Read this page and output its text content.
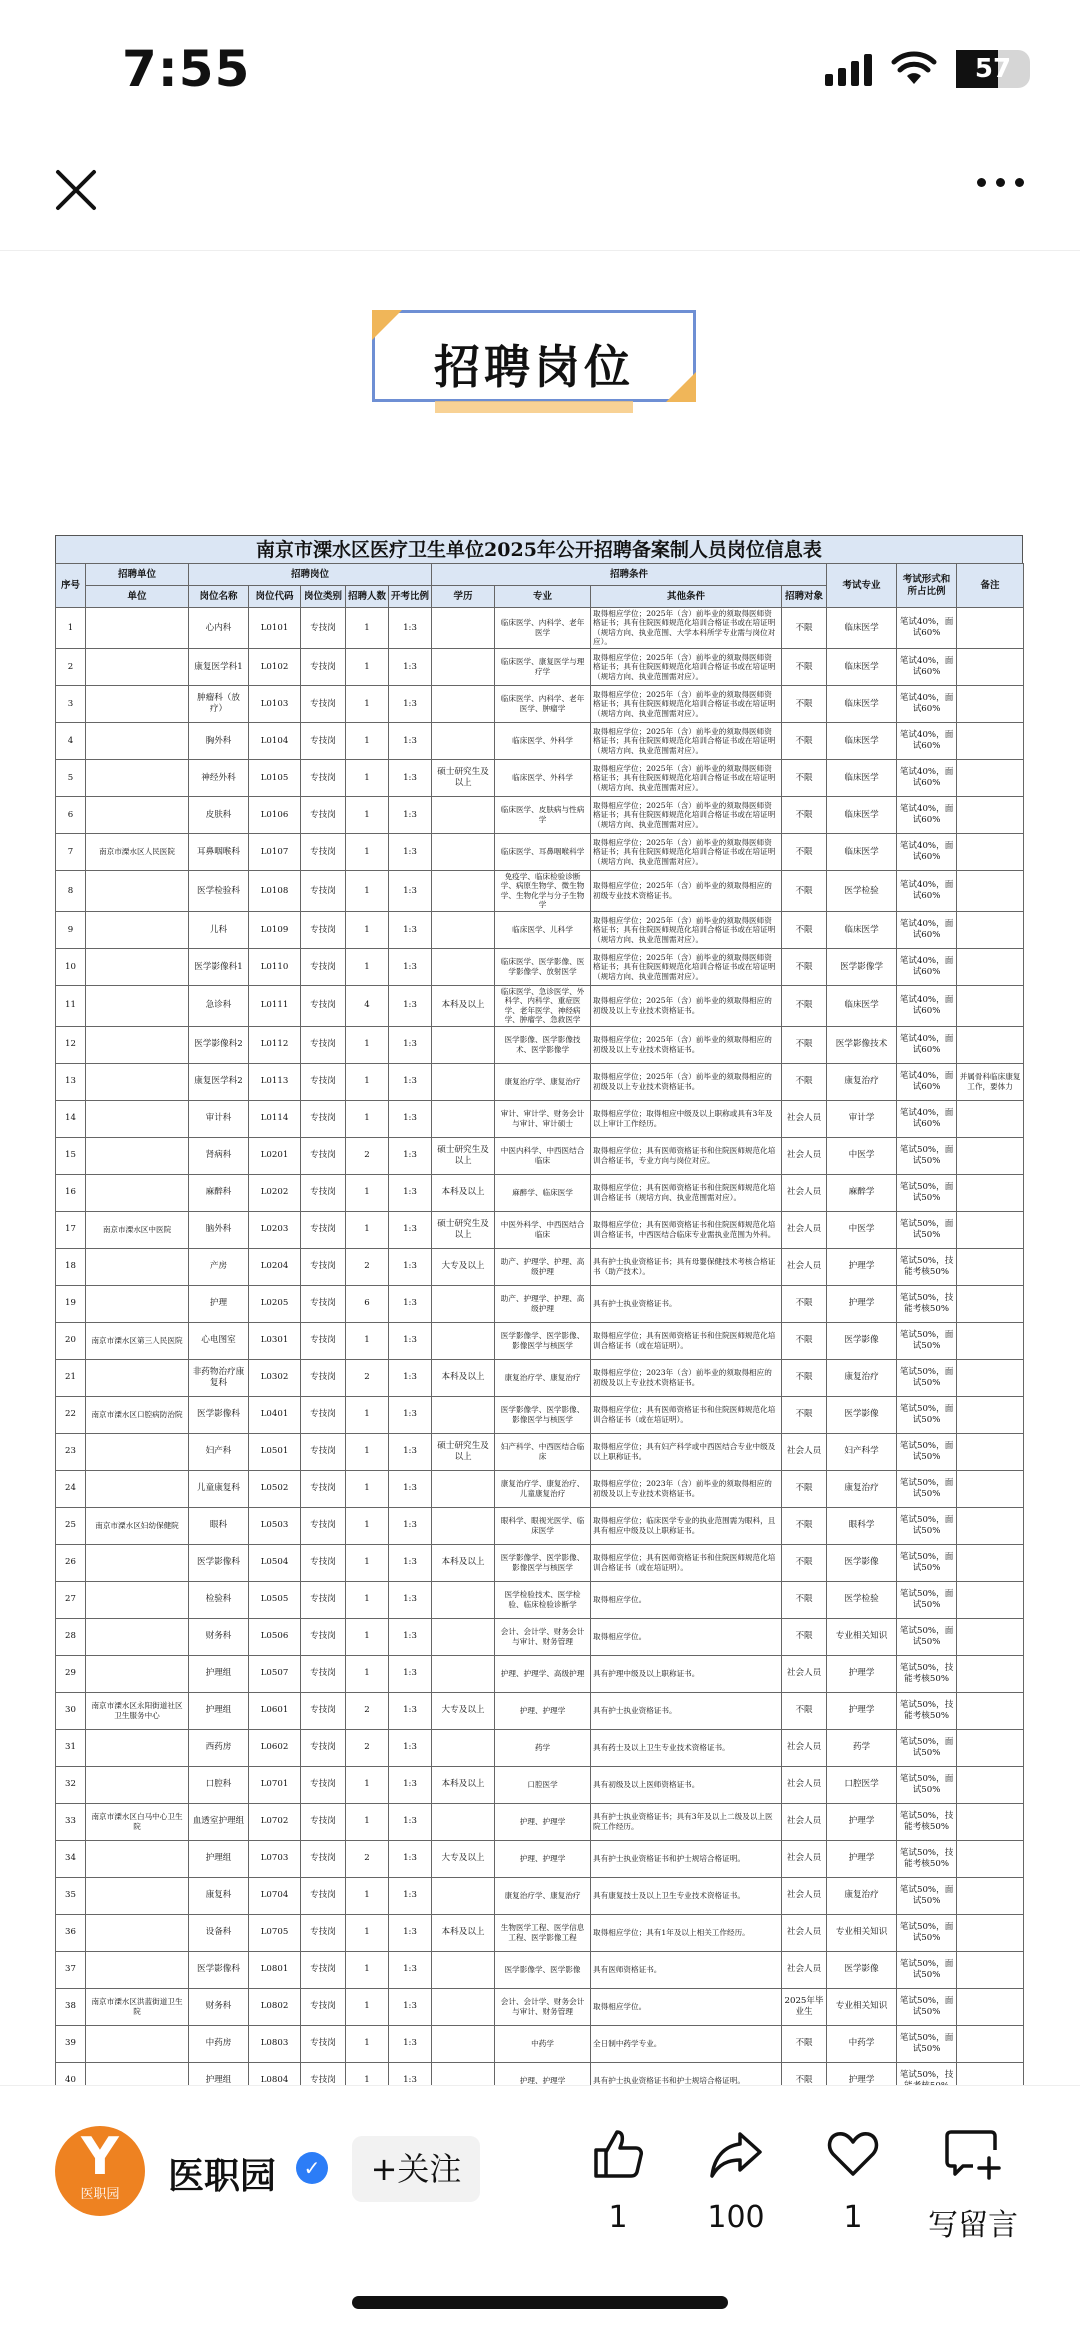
7:55	57
招聘岗位
南京市溧水区医疗卫生单位2025年公开招聘备案制人员岗位信息表
序号	招聘单位	招聘岗位					招聘条件				考试专业	考试形式和所占比例	备注
	单位	岗位名称	岗位代码	岗位类别	招聘人数	开考比例	学历	专业	其他条件	招聘对象			
1		心内科	L0101	专技岗	1	1:3		临床医学、内科学、老年医学	取得相应学位；2025年（含）前毕业的须取得医师资格证书；具有住院医师规范化培训合格证书或在培证明（规培方向、执业范围、大学本科所学专业需与岗位对应）。	不限	临床医学	笔试40%，面试60%	
2		康复医学科1	L0102	专技岗	1	1:3		临床医学、康复医学与理疗学	取得相应学位；2025年（含）前毕业的须取得医师资格证书；具有住院医师规范化培训合格证书或在培证明（规培方向、执业范围需对应）。	不限	临床医学	笔试40%，面试60%	
3		肿瘤科（放疗）	L0103	专技岗	1	1:3		临床医学、内科学、老年医学、肿瘤学	取得相应学位；2025年（含）前毕业的须取得医师资格证书；具有住院医师规范化培训合格证书或在培证明（规培方向、执业范围需对应）。	不限	临床医学	笔试40%，面试60%	
4		胸外科	L0104	专技岗	1	1:3		临床医学、外科学	取得相应学位；2025年（含）前毕业的须取得医师资格证书；具有住院医师规范化培训合格证书或在培证明（规培方向、执业范围需对应）。	不限	临床医学	笔试40%，面试60%	
5		神经外科	L0105	专技岗	1	1:3	硕士研究生及以上	临床医学、外科学	取得相应学位；2025年（含）前毕业的须取得医师资格证书；具有住院医师规范化培训合格证书或在培证明（规培方向、执业范围需对应）。	不限	临床医学	笔试40%，面试60%	
6		皮肤科	L0106	专技岗	1	1:3		临床医学、皮肤病与性病学	取得相应学位；2025年（含）前毕业的须取得医师资格证书；具有住院医师规范化培训合格证书或在培证明（规培方向、执业范围需对应）。	不限	临床医学	笔试40%，面试60%	
7	南京市溧水区人民医院	耳鼻咽喉科	L0107	专技岗	1	1:3		临床医学、耳鼻咽喉科学	取得相应学位；2025年（含）前毕业的须取得医师资格证书；具有住院医师规范化培训合格证书或在培证明（规培方向、执业范围需对应）。	不限	临床医学	笔试40%，面试60%	
8		医学检验科	L0108	专技岗	1	1:3		免疫学、临床检验诊断学、病原生物学、微生物学、生物化学与分子生物学	取得相应学位；2025年（含）前毕业的须取得相应的初级专业技术资格证书。	不限	医学检验	笔试40%，面试60%	
9		儿科	L0109	专技岗	1	1:3		临床医学、儿科学	取得相应学位；2025年（含）前毕业的须取得医师资格证书；具有住院医师规范化培训合格证书或在培证明（规培方向、执业范围需对应）。	不限	临床医学	笔试40%，面试60%	
10		医学影像科1	L0110	专技岗	1	1:3		临床医学、医学影像、医学影像学、放射医学	取得相应学位；2025年（含）前毕业的须取得医师资格证书；具有住院医师规范化培训合格证书或在培证明（规培方向、执业范围需对应）。	不限	医学影像学	笔试40%，面试60%	
11		急诊科	L0111	专技岗	4	1:3	本科及以上	临床医学、急诊医学、外科学、内科学、重症医学、老年医学、神经病学、肿瘤学、急救医学	取得相应学位；2025年（含）前毕业的须取得相应的初级及以上专业技术资格证书。	不限	临床医学	笔试40%，面试60%	
12		医学影像科2	L0112	专技岗	1	1:3		医学影像、医学影像技术、医学影像学	取得相应学位；2025年（含）前毕业的须取得相应的初级及以上专业技术资格证书。	不限	医学影像技术	笔试40%，面试60%	
13		康复医学科2	L0113	专技岗	1	1:3		康复治疗学、康复治疗	取得相应学位；2025年（含）前毕业的须取得相应的初级及以上专业技术资格证书。	不限	康复治疗	笔试40%，面试60%	并属骨科临床康复工作，要体力
14		审计科	L0114	专技岗	1	1:3		审计、审计学、财务会计与审计、审计硕士	取得相应学位；取得相应中级及以上职称或具有3年及以上审计工作经历。	社会人员	审计学	笔试40%，面试60%	
15		肾病科	L0201	专技岗	2	1:3	硕士研究生及以上	中医内科学、中西医结合临床	取得相应学位；具有医师资格证书和住院医师规范化培训合格证书，专业方向与岗位对应。	社会人员	中医学	笔试50%，面试50%	
16		麻醉科	L0202	专技岗	1	1:3	本科及以上	麻醉学、临床医学	取得相应学位；具有医师资格证书和住院医师规范化培训合格证书（规培方向、执业范围需对应）。	社会人员	麻醉学	笔试50%，面试50%	
17	南京市溧水区中医院	脑外科	L0203	专技岗	1	1:3	硕士研究生及以上	中医外科学、中西医结合临床	取得相应学位；具有医师资格证书和住院医师规范化培训合格证书，中西医结合临床专业需执业范围为外科。	社会人员	中医学	笔试50%，面试50%	
18		产房	L0204	专技岗	2	1:3	大专及以上	助产、护理学、护理、高级护理	具有护士执业资格证书；具有母婴保健技术考核合格证书（助产技术）。	社会人员	护理学	笔试50%，技能考核50%	
19		护理	L0205	专技岗	6	1:3		助产、护理学、护理、高级护理	具有护士执业资格证书。	不限	护理学	笔试50%，技能考核50%	
20	南京市溧水区第三人民医院	心电图室	L0301	专技岗	1	1:3		医学影像学、医学影像、影像医学与核医学	取得相应学位；具有医师资格证书和住院医师规范化培训合格证书（或在培证明）。	不限	医学影像	笔试50%，面试50%	
21		非药物治疗康复科	L0302	专技岗	2	1:3	本科及以上	康复治疗学、康复治疗	取得相应学位；2023年（含）前毕业的须取得相应的初级及以上专业技术资格证书。	不限	康复治疗	笔试50%，面试50%	
22	南京市溧水区口腔病防治院	医学影像科	L0401	专技岗	1	1:3		医学影像学、医学影像、影像医学与核医学	取得相应学位；具有医师资格证书和住院医师规范化培训合格证书（或在培证明）。	不限	医学影像	笔试50%，面试50%	
23		妇产科	L0501	专技岗	1	1:3	硕士研究生及以上	妇产科学、中西医结合临床	取得相应学位；具有妇产科学或中西医结合专业中级及以上职称证书。	社会人员	妇产科学	笔试50%，面试50%	
24		儿童康复科	L0502	专技岗	1	1:3		康复治疗学、康复治疗、儿童康复治疗	取得相应学位；2023年（含）前毕业的须取得相应的初级及以上专业技术资格证书。	不限	康复治疗	笔试50%，面试50%	
25	南京市溧水区妇幼保健院	眼科	L0503	专技岗	1	1:3		眼科学、眼视光医学、临床医学	取得相应学位；临床医学专业的执业范围需为眼科，且具有相应中级及以上职称证书。	不限	眼科学	笔试50%，面试50%	
26		医学影像科	L0504	专技岗	1	1:3	本科及以上	医学影像学、医学影像、影像医学与核医学	取得相应学位；具有医师资格证书和住院医师规范化培训合格证书（或在培证明）。	不限	医学影像	笔试50%，面试50%	
27		检验科	L0505	专技岗	1	1:3		医学检验技术、医学检验、临床检验诊断学	取得相应学位。	不限	医学检验	笔试50%，面试50%	
28		财务科	L0506	专技岗	1	1:3		会计、会计学、财务会计与审计、财务管理	取得相应学位。	不限	专业相关知识	笔试50%，面试50%	
29		护理组	L0507	专技岗	1	1:3		护理、护理学、高级护理	具有护理中级及以上职称证书。	社会人员	护理学	笔试50%，技能考核50%	
30	南京市溧水区永阳街道社区卫生服务中心	护理组	L0601	专技岗	2	1:3	大专及以上	护理、护理学	具有护士执业资格证书。	不限	护理学	笔试50%，技能考核50%	
31		西药房	L0602	专技岗	2	1:3		药学	具有药士及以上卫生专业技术资格证书。	社会人员	药学	笔试50%，面试50%	
32		口腔科	L0701	专技岗	1	1:3	本科及以上	口腔医学	具有初级及以上医师资格证书。	社会人员	口腔医学	笔试50%，面试50%	
33	南京市溧水区白马中心卫生院	血透室护理组	L0702	专技岗	1	1:3		护理、护理学	具有护士执业资格证书；具有3年及以上二级及以上医院工作经历。	社会人员	护理学	笔试50%，技能考核50%	
34		护理组	L0703	专技岗	2	1:3	大专及以上	护理、护理学	具有护士执业资格证书和护士规培合格证明。	社会人员	护理学	笔试50%，技能考核50%	
35		康复科	L0704	专技岗	1	1:3		康复治疗学、康复治疗	具有康复技士及以上卫生专业技术资格证书。	社会人员	康复治疗	笔试50%，面试50%	
36		设备科	L0705	专技岗	1	1:3	本科及以上	生物医学工程、医学信息工程、医学影像工程	取得相应学位；具有1年及以上相关工作经历。	社会人员	专业相关知识	笔试50%，面试50%	
37		医学影像科	L0801	专技岗	1	1:3		医学影像学、医学影像	具有医师资格证书。	社会人员	医学影像	笔试50%，面试50%	
38	南京市溧水区洪蓝街道卫生院	财务科	L0802	专技岗	1	1:3		会计、会计学、财务会计与审计、财务管理	取得相应学位。	2025年毕业生	专业相关知识	笔试50%，面试50%	
39		中药房	L0803	专技岗	1	1:3		中药学	全日制中药学专业。	不限	中药学	笔试50%，面试50%	
40		护理组	L0804	专技岗	1	1:3		护理、护理学	具有护士执业资格证书和护士规培合格证明。	不限	护理学	笔试50%，技	
Y
医职园	医职园	✓	+关注
1	100	1	写留言
